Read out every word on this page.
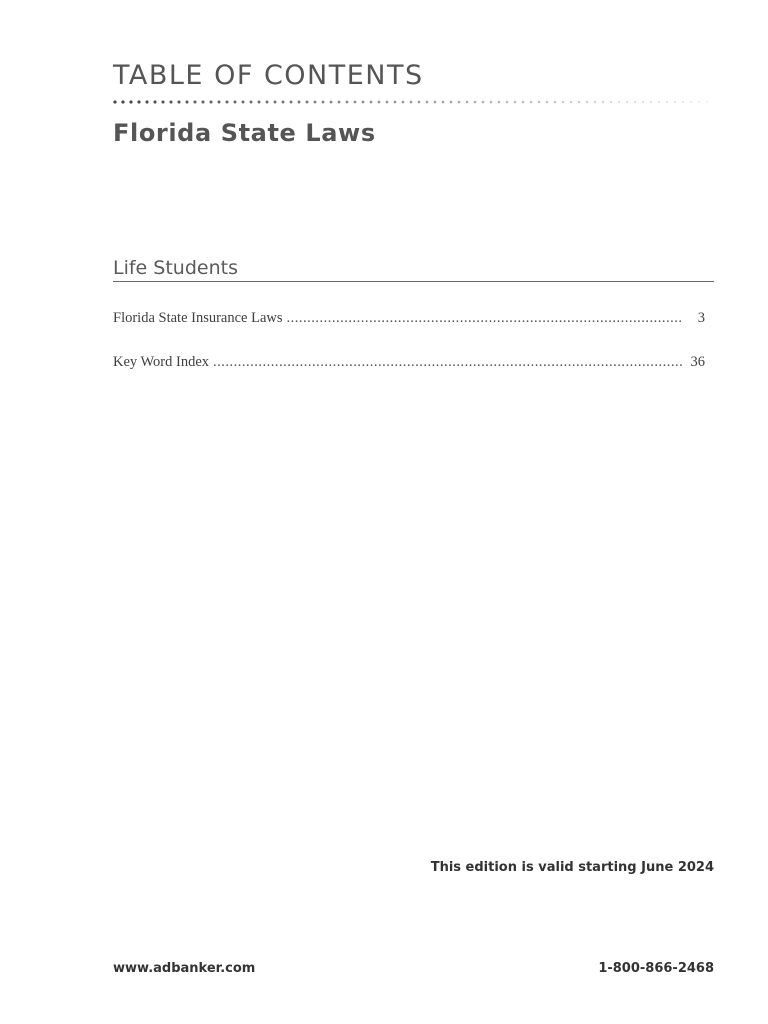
TABLE OF CONTENTS
Florida State Laws
Life Students
Florida State Insurance Laws .....	3
Key Word Index .....	36

This edition is valid starting June 2024

www.adbanker.com	1-800-866-2468
